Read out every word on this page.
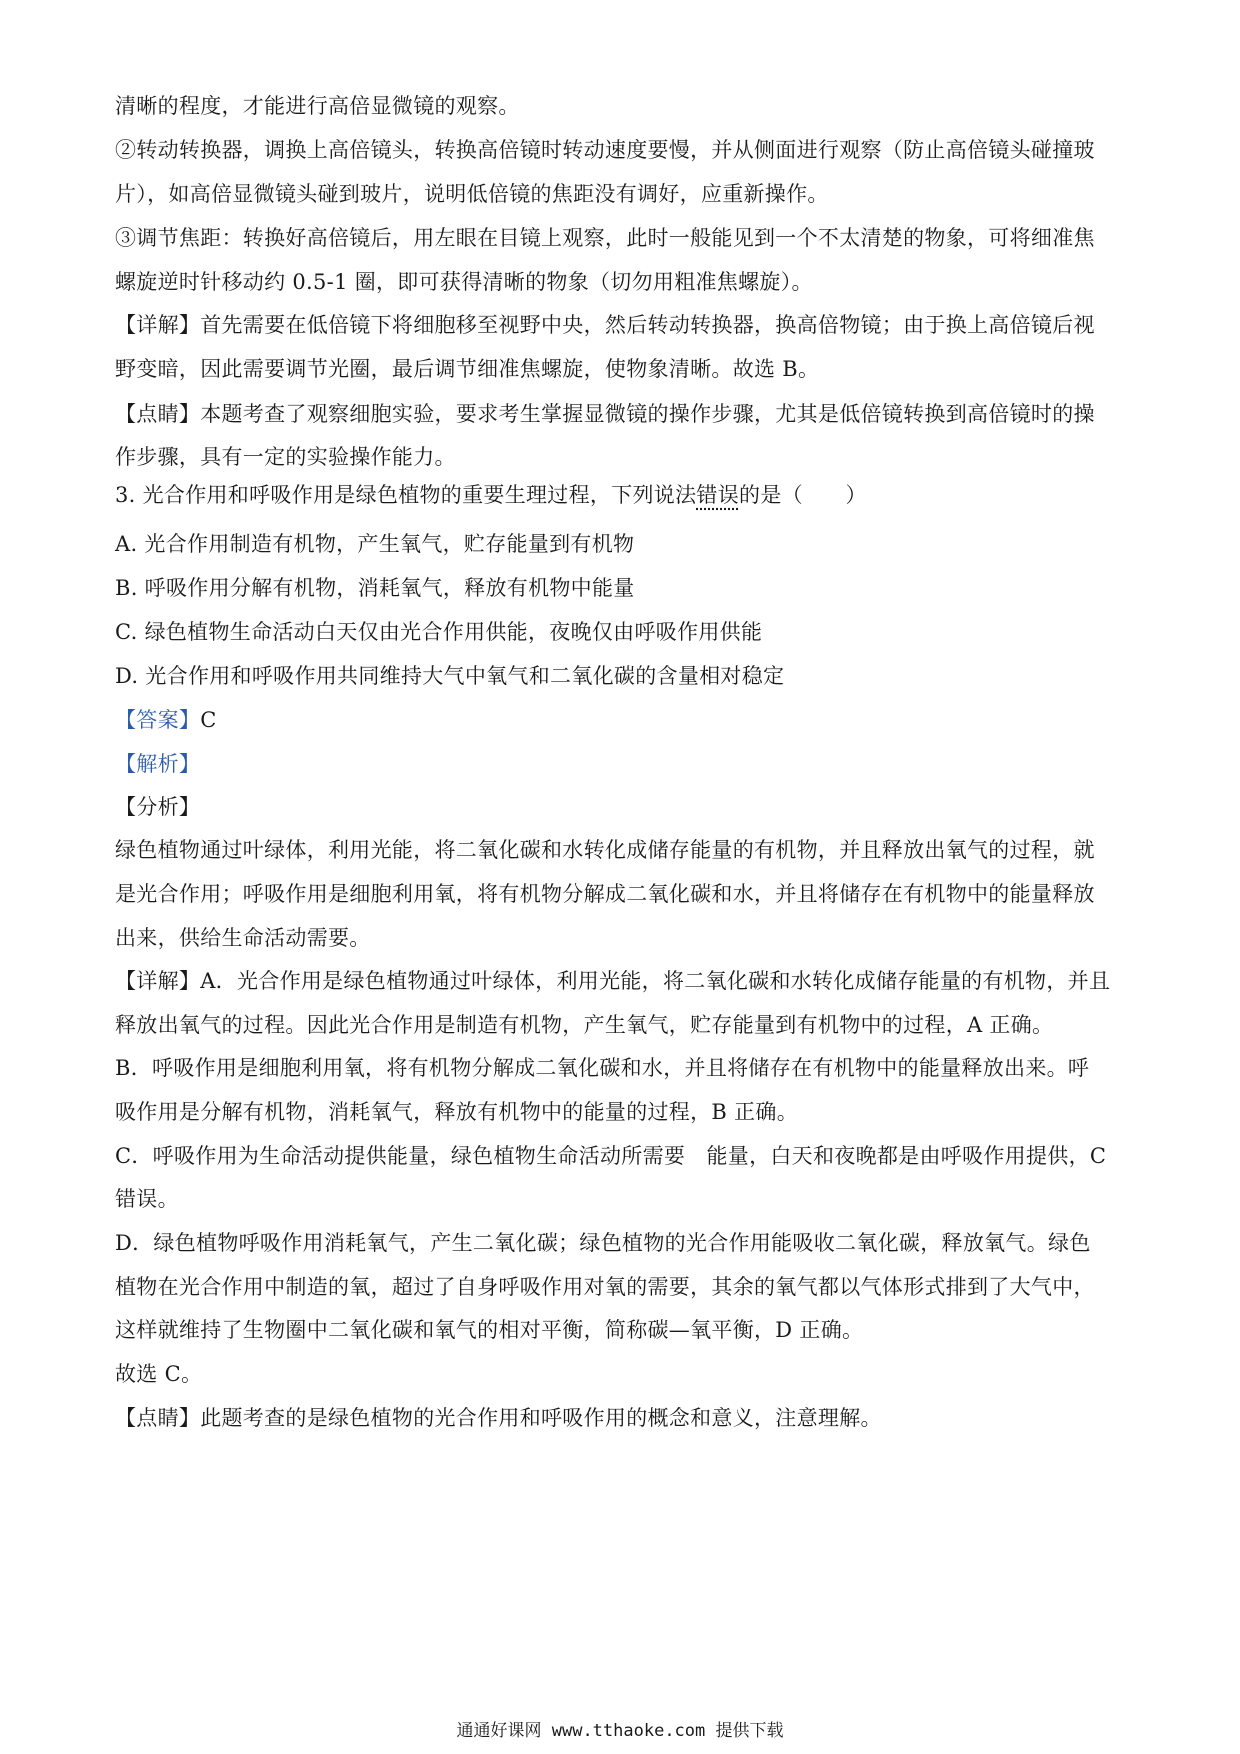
清晰的程度，才能进行高倍显微镜的观察。
②转动转换器，调换上高倍镜头，转换高倍镜时转动速度要慢，并从侧面进行观察（防止高倍镜头碰撞玻
片），如高倍显微镜头碰到玻片，说明低倍镜的焦距没有调好，应重新操作。
③调节焦距：转换好高倍镜后，用左眼在目镜上观察，此时一般能见到一个不太清楚的物象，可将细准焦
螺旋逆时针移动约 0.5-1 圈，即可获得清晰的物象（切勿用粗准焦螺旋）。
【详解】首先需要在低倍镜下将细胞移至视野中央，然后转动转换器，换高倍物镜；由于换上高倍镜后视
野变暗，因此需要调节光圈，最后调节细准焦螺旋，使物象清晰。故选 B。
【点睛】本题考查了观察细胞实验，要求考生掌握显微镜的操作步骤，尤其是低倍镜转换到高倍镜时的操
作步骤，具有一定的实验操作能力。
3. 光合作用和呼吸作用是绿色植物的重要生理过程，下列说法错误的是（　　）
A. 光合作用制造有机物，产生氧气，贮存能量到有机物
B. 呼吸作用分解有机物，消耗氧气，释放有机物中能量
C. 绿色植物生命活动白天仅由光合作用供能，夜晚仅由呼吸作用供能
D. 光合作用和呼吸作用共同维持大气中氧气和二氧化碳的含量相对稳定
【答案】C
【解析】
【分析】
绿色植物通过叶绿体，利用光能，将二氧化碳和水转化成储存能量的有机物，并且释放出氧气的过程，就
是光合作用；呼吸作用是细胞利用氧，将有机物分解成二氧化碳和水，并且将储存在有机物中的能量释放
出来，供给生命活动需要。
【详解】A．光合作用是绿色植物通过叶绿体，利用光能，将二氧化碳和水转化成储存能量的有机物，并且
释放出氧气的过程。因此光合作用是制造有机物，产生氧气，贮存能量到有机物中的过程，A 正确。
B．呼吸作用是细胞利用氧，将有机物分解成二氧化碳和水，并且将储存在有机物中的能量释放出来。呼
吸作用是分解有机物，消耗氧气，释放有机物中的能量的过程，B 正确。
C．呼吸作用为生命活动提供能量，绿色植物生命活动所需要　能量，白天和夜晚都是由呼吸作用提供，C
错误。
D．绿色植物呼吸作用消耗氧气，产生二氧化碳；绿色植物的光合作用能吸收二氧化碳，释放氧气。绿色
植物在光合作用中制造的氧，超过了自身呼吸作用对氧的需要，其余的氧气都以气体形式排到了大气中，
这样就维持了生物圈中二氧化碳和氧气的相对平衡，简称碳—氧平衡，D 正确。
故选 C。
【点睛】此题考查的是绿色植物的光合作用和呼吸作用的概念和意义，注意理解。
通通好课网 www.tthaoke.com 提供下载
